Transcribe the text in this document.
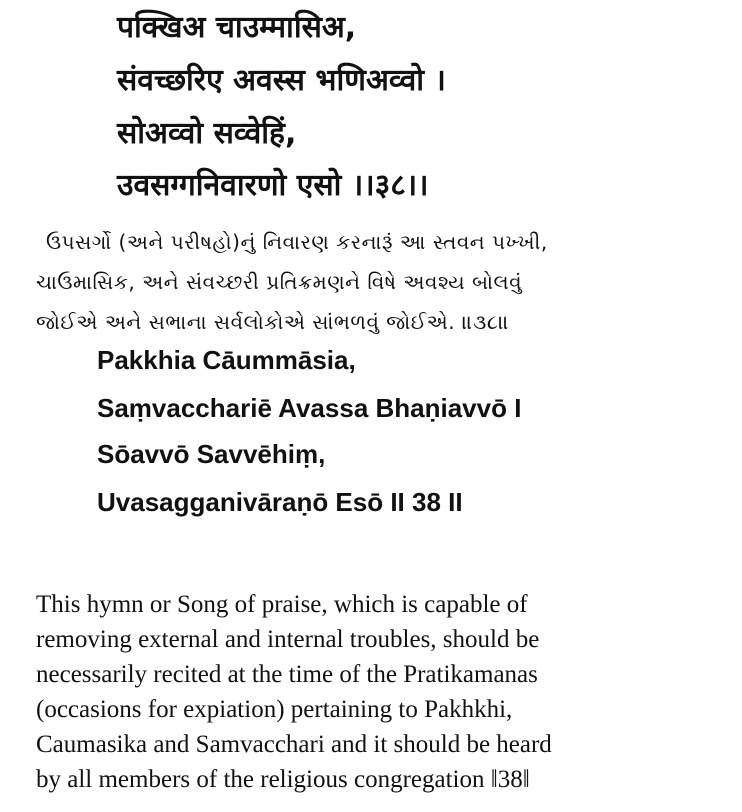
पक्खिअ चाउम्मासिअ,
संवच्छरिए अवस्स भणिअव्वो ।
सोअव्वो सव्वेहिं,
उवसग्गनिवारणो एसो ।।३८।।
ઉપસર્ગો (અને પરીષહો)નું નિવારણ કરનારૂં આ સ્તવન પખ્ખી,
ચાઉમાસિક, અને સંવચ્છરી પ્રતિક્રમણને વિષે અવશ્ય બોલવું
જોઈએ અને સભાના સર્વલોકોએ સાંભળવું જોઈએ. ॥૩૮॥
Pakkhia Cāummāsia,
Saṃvacchariē Avassa Bhaṇiavvō I
Sōavvō Savvēhiṃ,
Uvasagganivāraṇō Esō II 38 II
This hymn or Song of praise, which is capable of
removing external and internal troubles, should be
necessarily recited at the time of the Pratikamanas
(occasions for expiation) pertaining to Pakhkhi,
Caumasika and Samvacchari and it should be heard
by all members of the religious congregation ‖38‖
